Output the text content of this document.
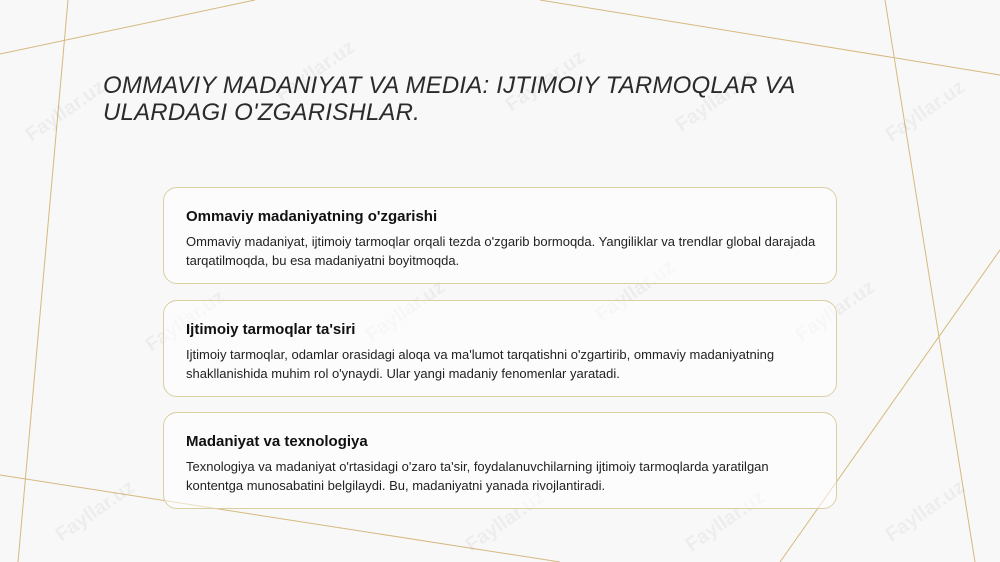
OMMAVIY MADANIYAT VA MEDIA: IJTIMOIY TARMOQLAR VA ULARDAGI O'ZGARISHLAR.
Ommaviy madaniyatning o'zgarishi

Ommaviy madaniyat, ijtimoiy tarmoqlar orqali tezda o'zgarib bormoqda. Yangiliklar va trendlar global darajada tarqatilmoqda, bu esa madaniyatni boyitmoqda.

Ijtimoiy tarmoqlar ta'siri

Ijtimoiy tarmoqlar, odamlar orasidagi aloqa va ma'lumot tarqatishni o'zgartirib, ommaviy madaniyatning shakllanishida muhim rol o'ynaydi. Ular yangi madaniy fenomenlar yaratadi.

Madaniyat va texnologiya

Texnologiya va madaniyat o'rtasidagi o'zaro ta'sir, foydalanuvchilarning ijtimoiy tarmoqlarda yaratilgan kontentga munosabatini belgilaydi. Bu, madaniyatni yanada rivojlantiradi.
